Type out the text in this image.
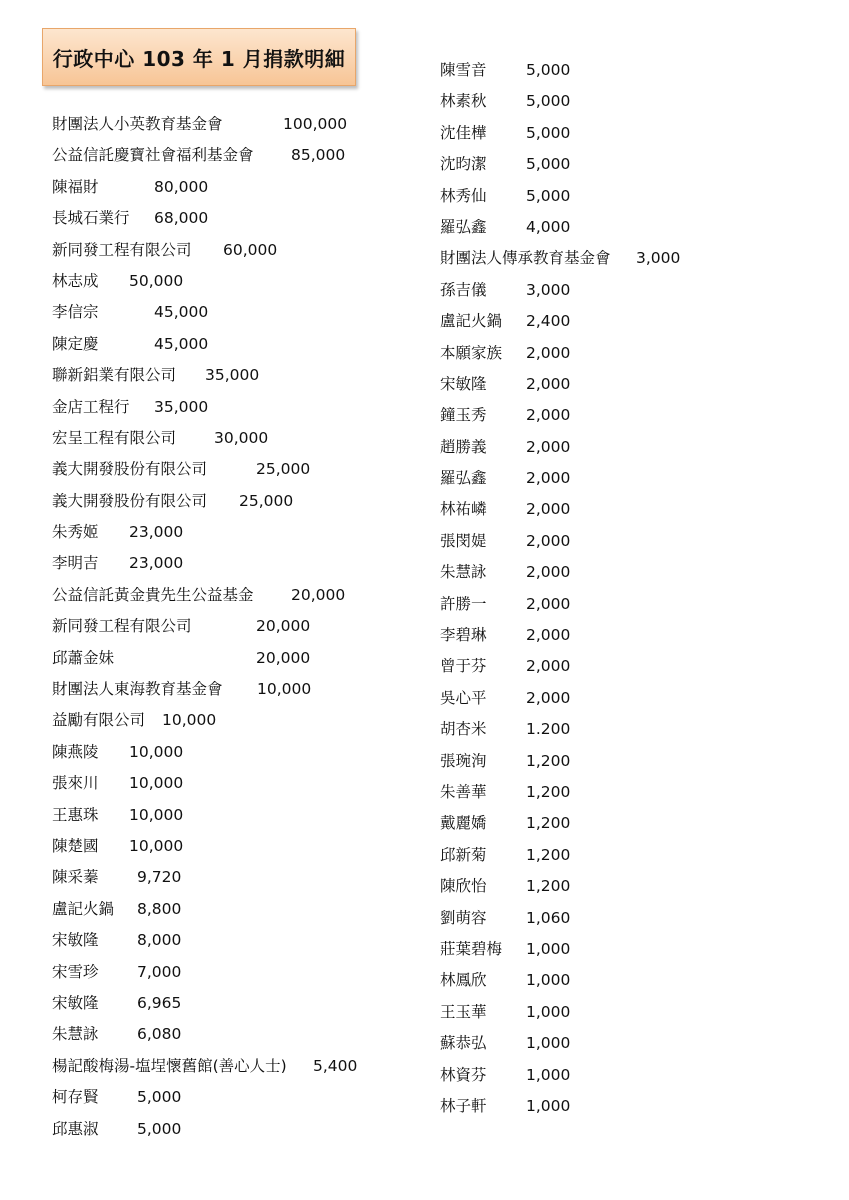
行政中心 103 年 1 月捐款明細
財團法人小英教育基金會	100,000
公益信託慶寶社會福利基金會 85,000
陳福財	80,000
長城石業行 68,000
新同發工程有限公司 60,000
林志成 50,000
李信宗	45,000
陳定慶	45,000
聯新鋁業有限公司 35,000
金店工程行 35,000
宏呈工程有限公司 30,000
義大開發股份有限公司	25,000
義大開發股份有限公司 25,000
朱秀姬 23,000
李明吉 23,000
公益信託黃金貴先生公益基金 20,000
新同發工程有限公司	20,000
邱蕭金妹	20,000
財團法人東海教育基金會 10,000
益勵有限公司 10,000
陳燕陵 10,000
張來川 10,000
王惠珠 10,000
陳楚國 10,000
陳采蓁 9,720
盧記火鍋 8,800
宋敏隆 8,000
宋雪珍 7,000
宋敏隆 6,965
朱慧詠 6,080
楊記酸梅湯-塩埕懷舊館(善心人士) 5,400
柯存賢 5,000
邱惠淑 5,000
陳雪音	5,000
林素秋	5,000
沈佳樺	5,000
沈昀潔	5,000
林秀仙	5,000
羅弘鑫	4,000
財團法人傳承教育基金會 3,000
孫吉儀	3,000
盧記火鍋 2,400
本願家族 2,000
宋敏隆	2,000
鐘玉秀	2,000
趙勝義	2,000
羅弘鑫	2,000
林祐嶙	2,000
張閔媞	2,000
朱慧詠	2,000
許勝一	2,000
李碧琳	2,000
曾于芬	2,000
吳心平	2,000
胡杏米	1.200
張琬洵	1,200
朱善華	1,200
戴麗嬌	1,200
邱新菊	1,200
陳欣怡	1,200
劉萌容	1,060
莊葉碧梅 1,000
林鳳欣	1,000
王玉華	1,000
蘇恭弘	1,000
林資芬	1,000
林子軒	1,000
